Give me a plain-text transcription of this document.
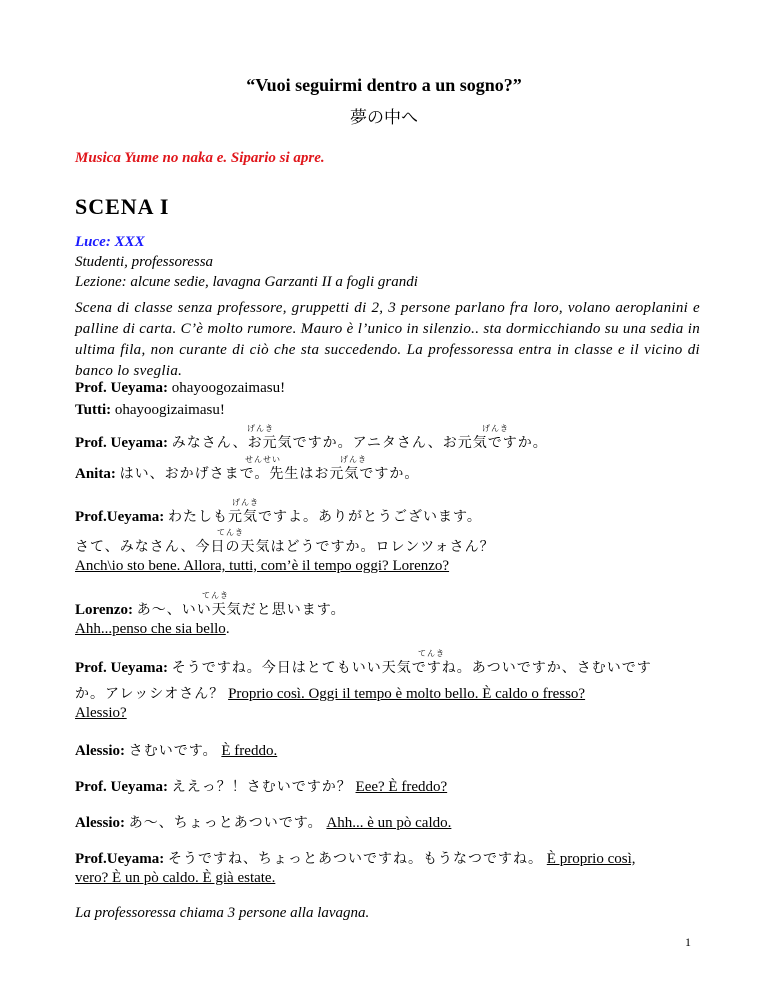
“Vuoi seguirmi dentro a un sogno?”
夢の中へ
Musica Yume no naka e. Sipario si apre.
SCENA I
Luce: XXX
Studenti, professoressa
Lezione: alcune sedie, lavagna Garzanti II a fogli grandi
Scena di classe senza professore, gruppetti di 2, 3 persone parlano fra loro, volano aeroplanini e palline di carta. C’è molto rumore. Mauro è l’unico in silenzio.. sta dormicchiando su una sedia in ultima fila, non curante di ciò che sta succedendo. La professoressa entra in classe e il vicino di banco lo sveglia.
Prof. Ueyama: ohayoogozaimasu!
Tutti: ohayoogizaimasu!
げんき	げんき
Prof. Ueyama: みなさん、お元気ですか。アニタさん、お元気ですか。
せんせい	げんき
Anita: はい、おかげさまで。先生はお元気ですか。
げんき
Prof.Ueyama: わたしも元気ですよ。ありがとうございます。
てんき
さて、みなさん、今日の天気はどうですか。ロレンツォさん？
Anch\io sto bene. Allora, tutti, com’è il tempo oggi? Lorenzo?
てんき
Lorenzo: あ～、いい天気だと思います。
Ahh...penso che sia bello.
てんき
Prof. Ueyama: そうですね。今日はとてもいい天気ですね。あついですか、さむいです
か。アレッシオさん？ Proprio così. Oggi il tempo è molto bello. È caldo o fresso?
Alessio?
Alessio: さむいです。 È freddo.
Prof. Ueyama: ええっ？！さむいですか？ Eee? È freddo?
Alessio: あ～、ちょっとあついです。 Ahh... è un pò caldo.
Prof.Ueyama: そうですね、ちょっとあついですね。もうなつですね。 È proprio così,
vero? È un pò caldo. È già estate.
La professoressa chiama 3 persone alla lavagna.
1
